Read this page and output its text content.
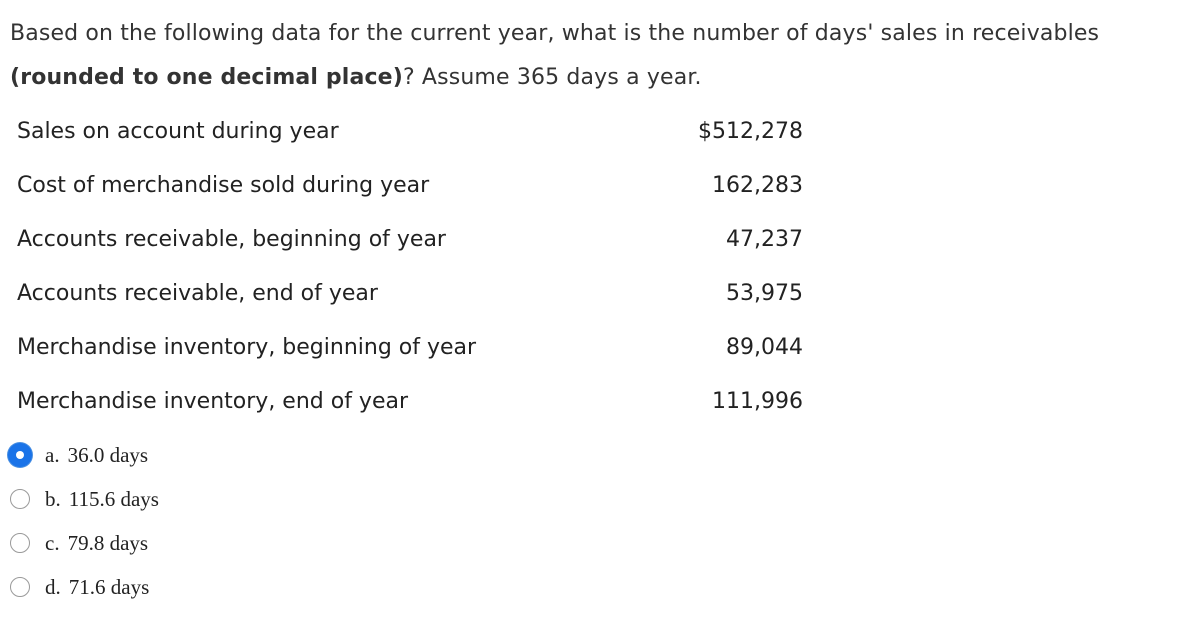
Based on the following data for the current year, what is the number of days' sales in receivables (rounded to one decimal place)? Assume 365 days a year.
Sales on account during year	$512,278
Cost of merchandise sold during year	162,283
Accounts receivable, beginning of year	47,237
Accounts receivable, end of year	53,975
Merchandise inventory, beginning of year	89,044
Merchandise inventory, end of year	111,996
a. 36.0 days
b. 115.6 days
c. 79.8 days
d. 71.6 days
